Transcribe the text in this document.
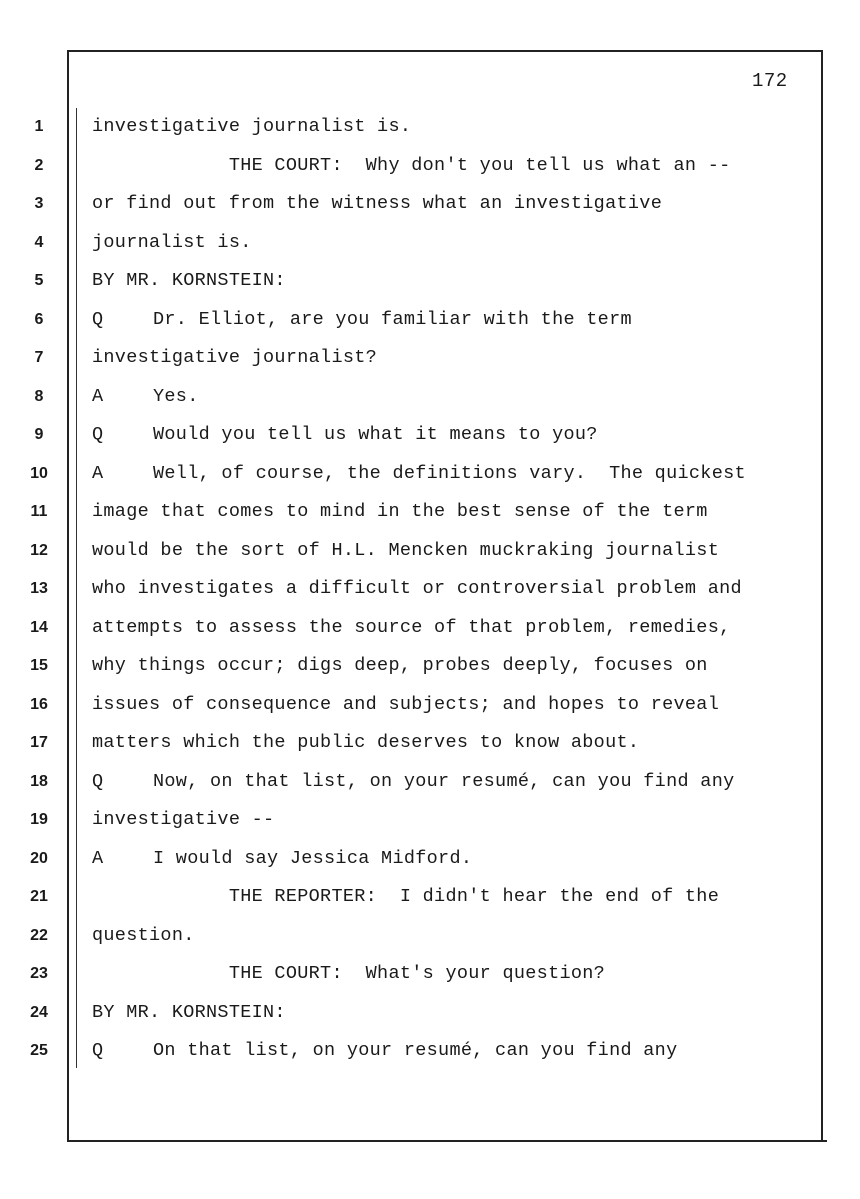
172
1
2
3
4
5
6
7
8
9
10
11
12
13
14
15
16
17
18
19
20
21
22
23
24
25
investigative journalist is.
THE COURT:  Why don't you tell us what an --
or find out from the witness what an investigative
journalist is.
BY MR. KORNSTEIN:
Q	Dr. Elliot, are you familiar with the term
investigative journalist?
A	Yes.
Q	Would you tell us what it means to you?
A	Well, of course, the definitions vary.  The quickest
image that comes to mind in the best sense of the term
would be the sort of H.L. Mencken muckraking journalist
who investigates a difficult or controversial problem and
attempts to assess the source of that problem, remedies,
why things occur; digs deep, probes deeply, focuses on
issues of consequence and subjects; and hopes to reveal
matters which the public deserves to know about.
Q	Now, on that list, on your resumé, can you find any
investigative --
A	I would say Jessica Midford.
THE REPORTER:  I didn't hear the end of the
question.
THE COURT:  What's your question?
BY MR. KORNSTEIN:
Q	On that list, on your resumé, can you find any
